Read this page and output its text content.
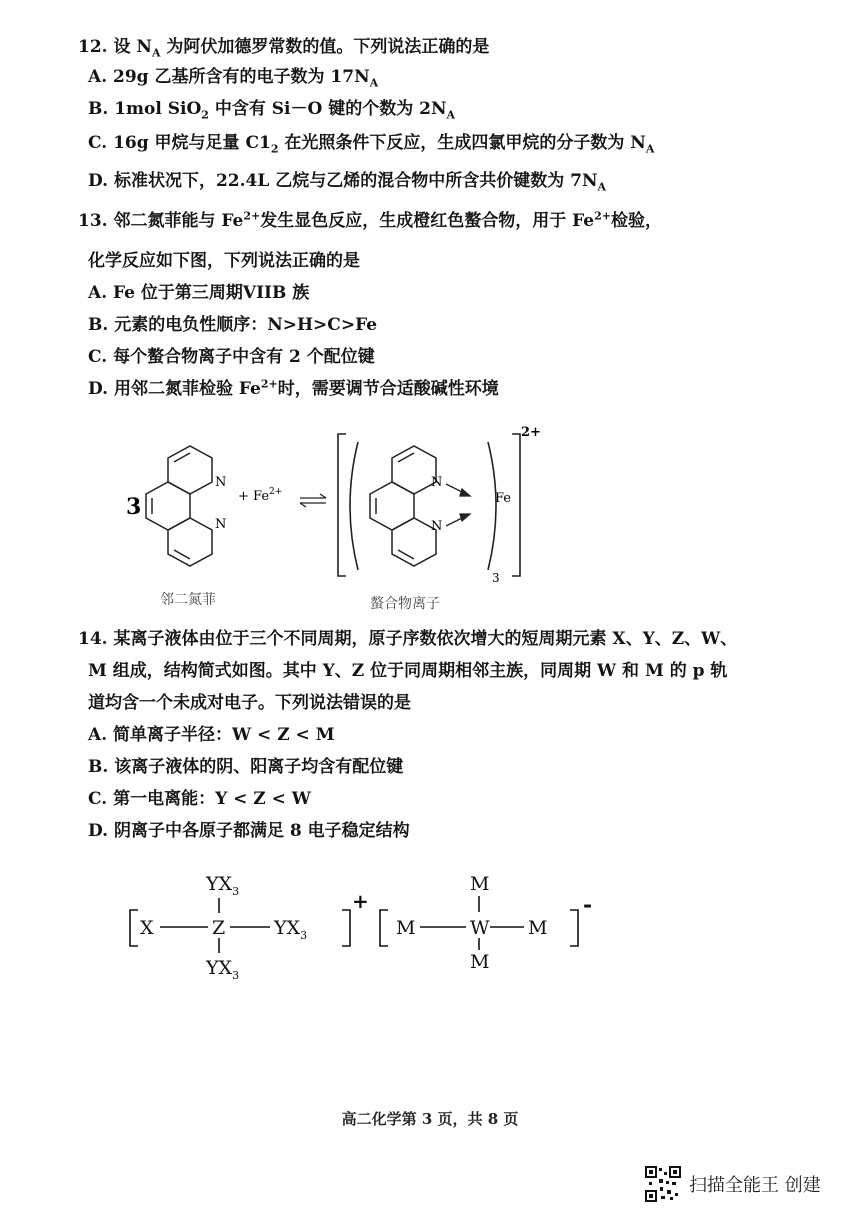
12. 设 $N_A$ 为阿伏加德罗常数的值。下列说法正确的是
A. 29g 乙基所含有的电子数为 $17N_A$
B. 1mol SiO$_2$ 中含有 Si－O 键的个数为 $2N_A$
C. 16g 甲烷与足量 $C1_2$ 在光照条件下反应，生成四氯甲烷的分子数为 $N_A$
D. 标准状况下，22.4L 乙烷与乙烯的混合物中所含共价键数为 $7N_A$
13. 邻二氮菲能与 $Fe^{2+}$发生显色反应，生成橙红色螯合物，用于 $Fe^{2+}$检验，
化学反应如下图，下列说法正确的是
A. Fe 位于第三周期VIIB 族
B. 元素的电负性顺序：N>H>C>Fe
C. 每个螯合物离子中含有 2 个配位键
D. 用邻二氮菲检验 $Fe^{2+}$时，需要调节合适酸碱性环境
N
N
3	+ $Fe^{2+}$
N
N
Fe
2+
3
邻二氮菲	螯合物离子
14. 某离子液体由位于三个不同周期，原子序数依次增大的短周期元素 X、Y、Z、W、
M 组成，结构简式如图。其中 Y、Z 位于同周期相邻主族，同周期 W 和 M 的 p 轨
道均含一个未成对电子。下列说法错误的是
A. 简单离子半径：W < Z < M
B. 该离子液体的阴、阳离子均含有配位键
C. 第一电离能：Y < Z < W
D. 阴离子中各原子都满足 8 电子稳定结构
$YX_3$
X	Z	$YX_3$
$YX_3$
+
M
M	W M
M
-
高二化学第 3 页，共 8 页
扫描全能王 创建
